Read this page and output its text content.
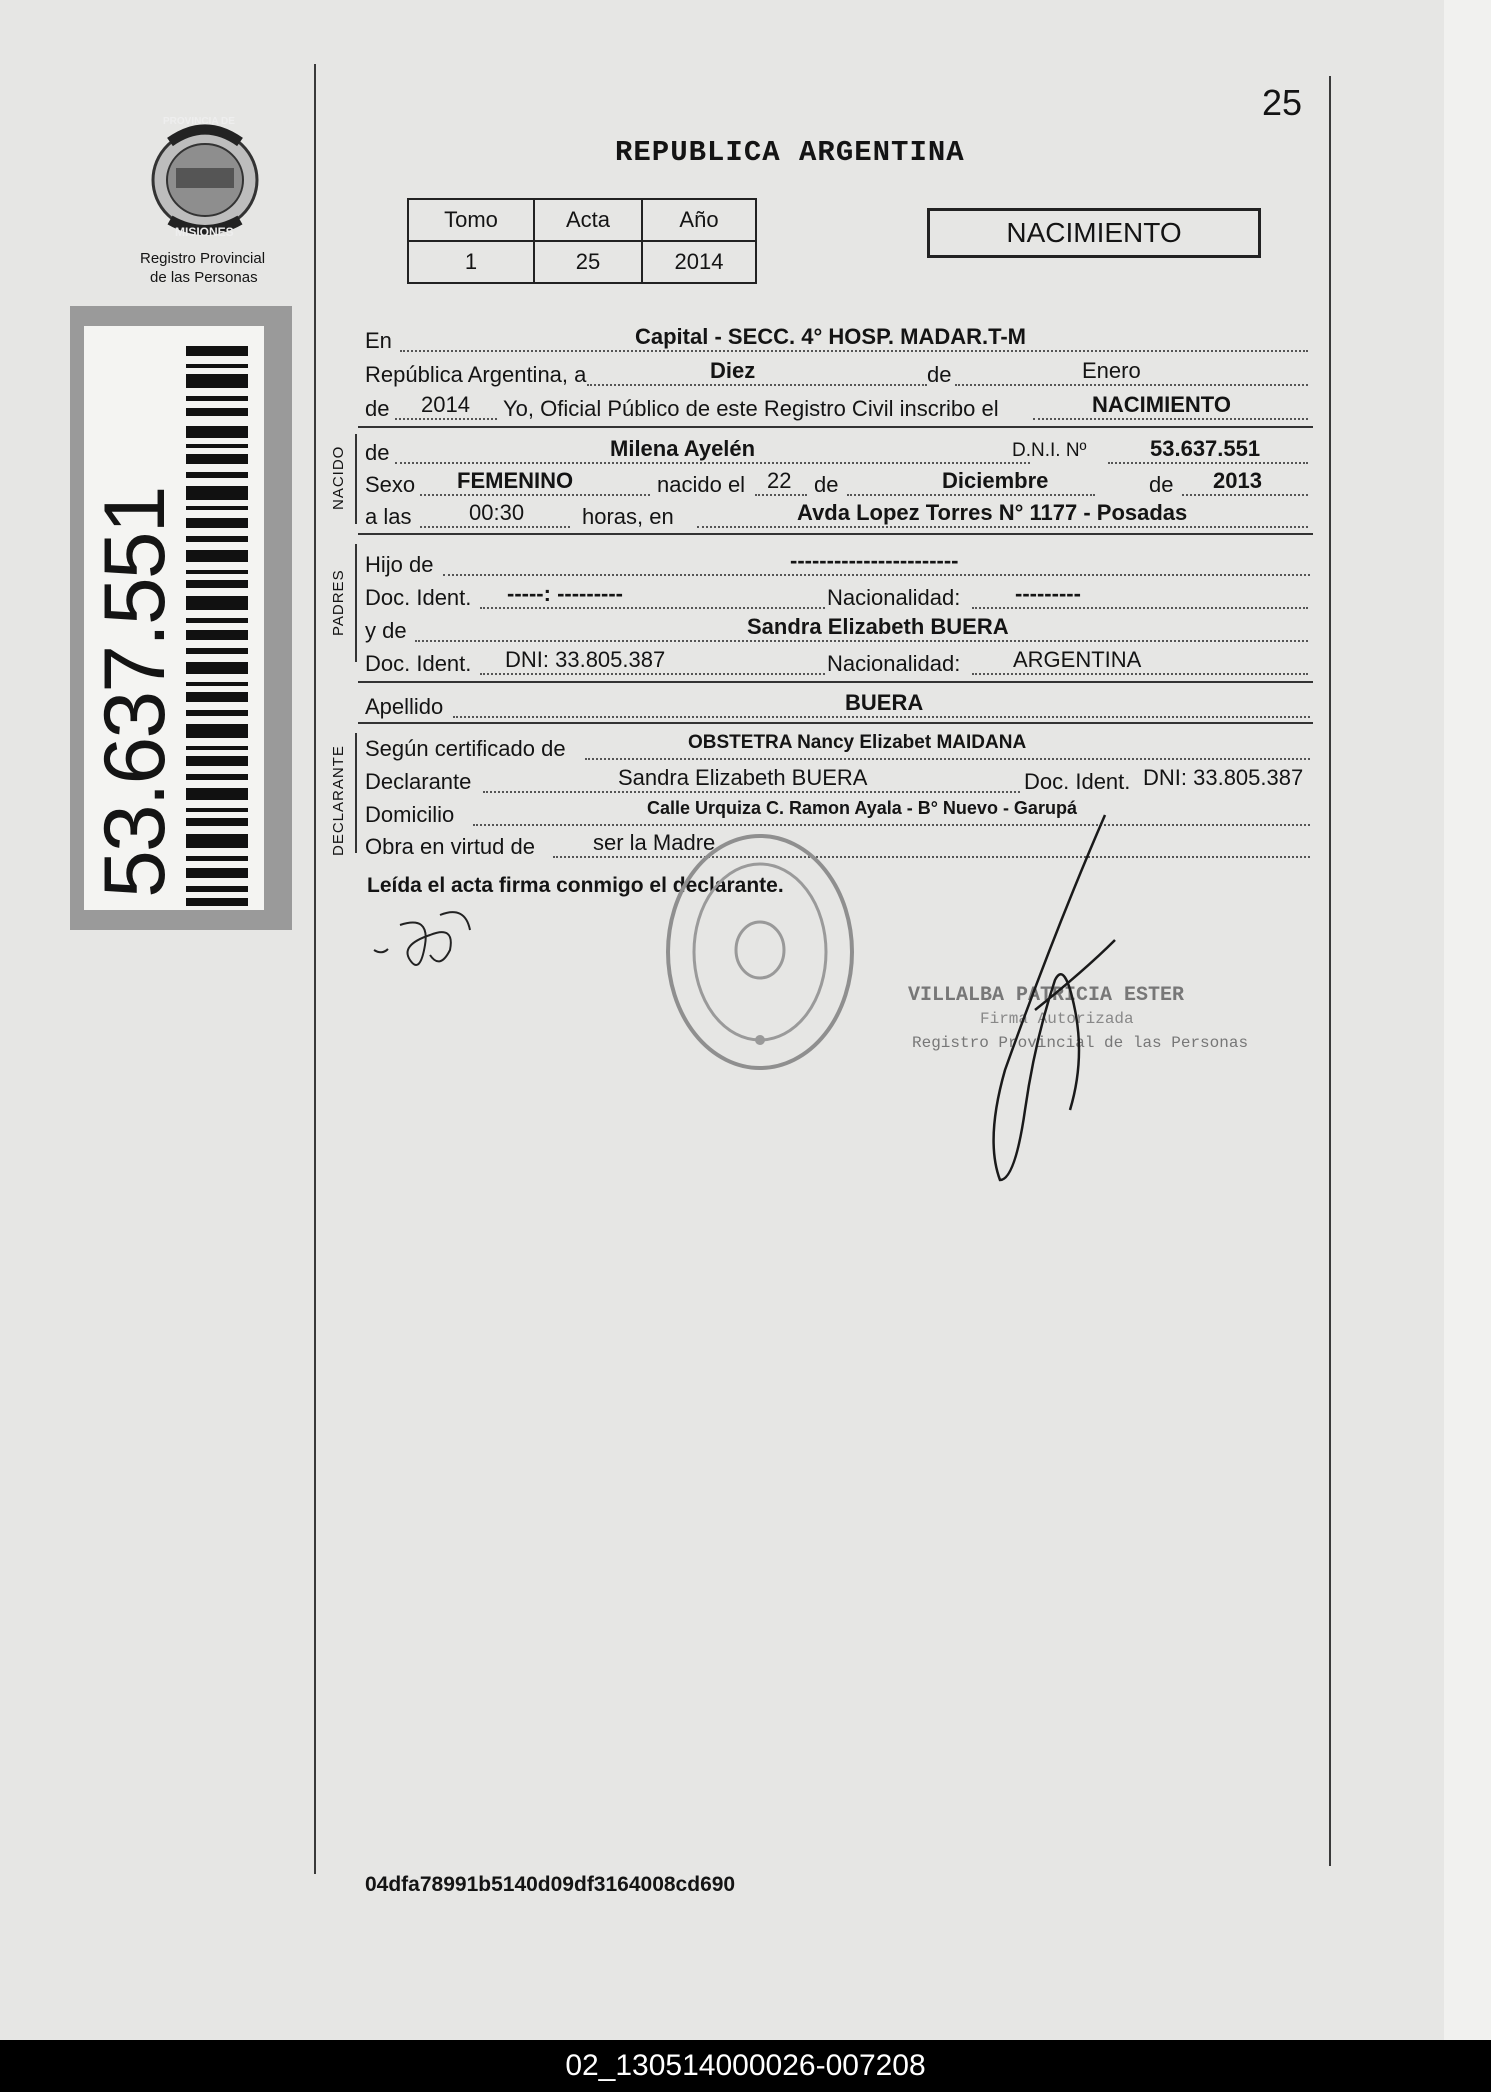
PROVINCIA DE
MISIONES
Registro Provincial
de las Personas
53.637.551
25
REPUBLICA ARGENTINA
Tomo	Acta	Año
1	25	2014
NACIMIENTO
En	Capital - SECC. 4° HOSP. MADAR.T-M
República Argentina, a	Diez	de	Enero
de 2014 Yo, Oficial Público de este Registro Civil inscribo el	NACIMIENTO
NACIDO de	Milena Ayelén	D.N.I. Nº	53.637.551
Sexo FEMENINO	nacido el 22 de	Diciembre	de 2013
a las	00:30	horas, en	Avda Lopez Torres N° 1177 - Posadas
PADRES
Hijo de	-----------------------
Doc. Ident. -----: ---------	Nacionalidad: ---------
y de	Sandra Elizabeth BUERA
Doc. Ident. DNI: 33.805.387	Nacionalidad: ARGENTINA
Apellido	BUERA
DECLARANTE Según certificado de	OBSTETRA Nancy Elizabet MAIDANA
Declarante	Sandra Elizabeth BUERA	Doc. Ident. DNI: 33.805.387
Domicilio	Calle Urquiza C. Ramon Ayala - B° Nuevo - Garupá
Obra en virtud de	ser la Madre
Leída el acta firma conmigo el declarante.
VILLALBA PATRICIA ESTER
Firma Autorizada
Registro Provincial de las Personas
04dfa78991b5140d09df3164008cd690
02_130514000026-007208
